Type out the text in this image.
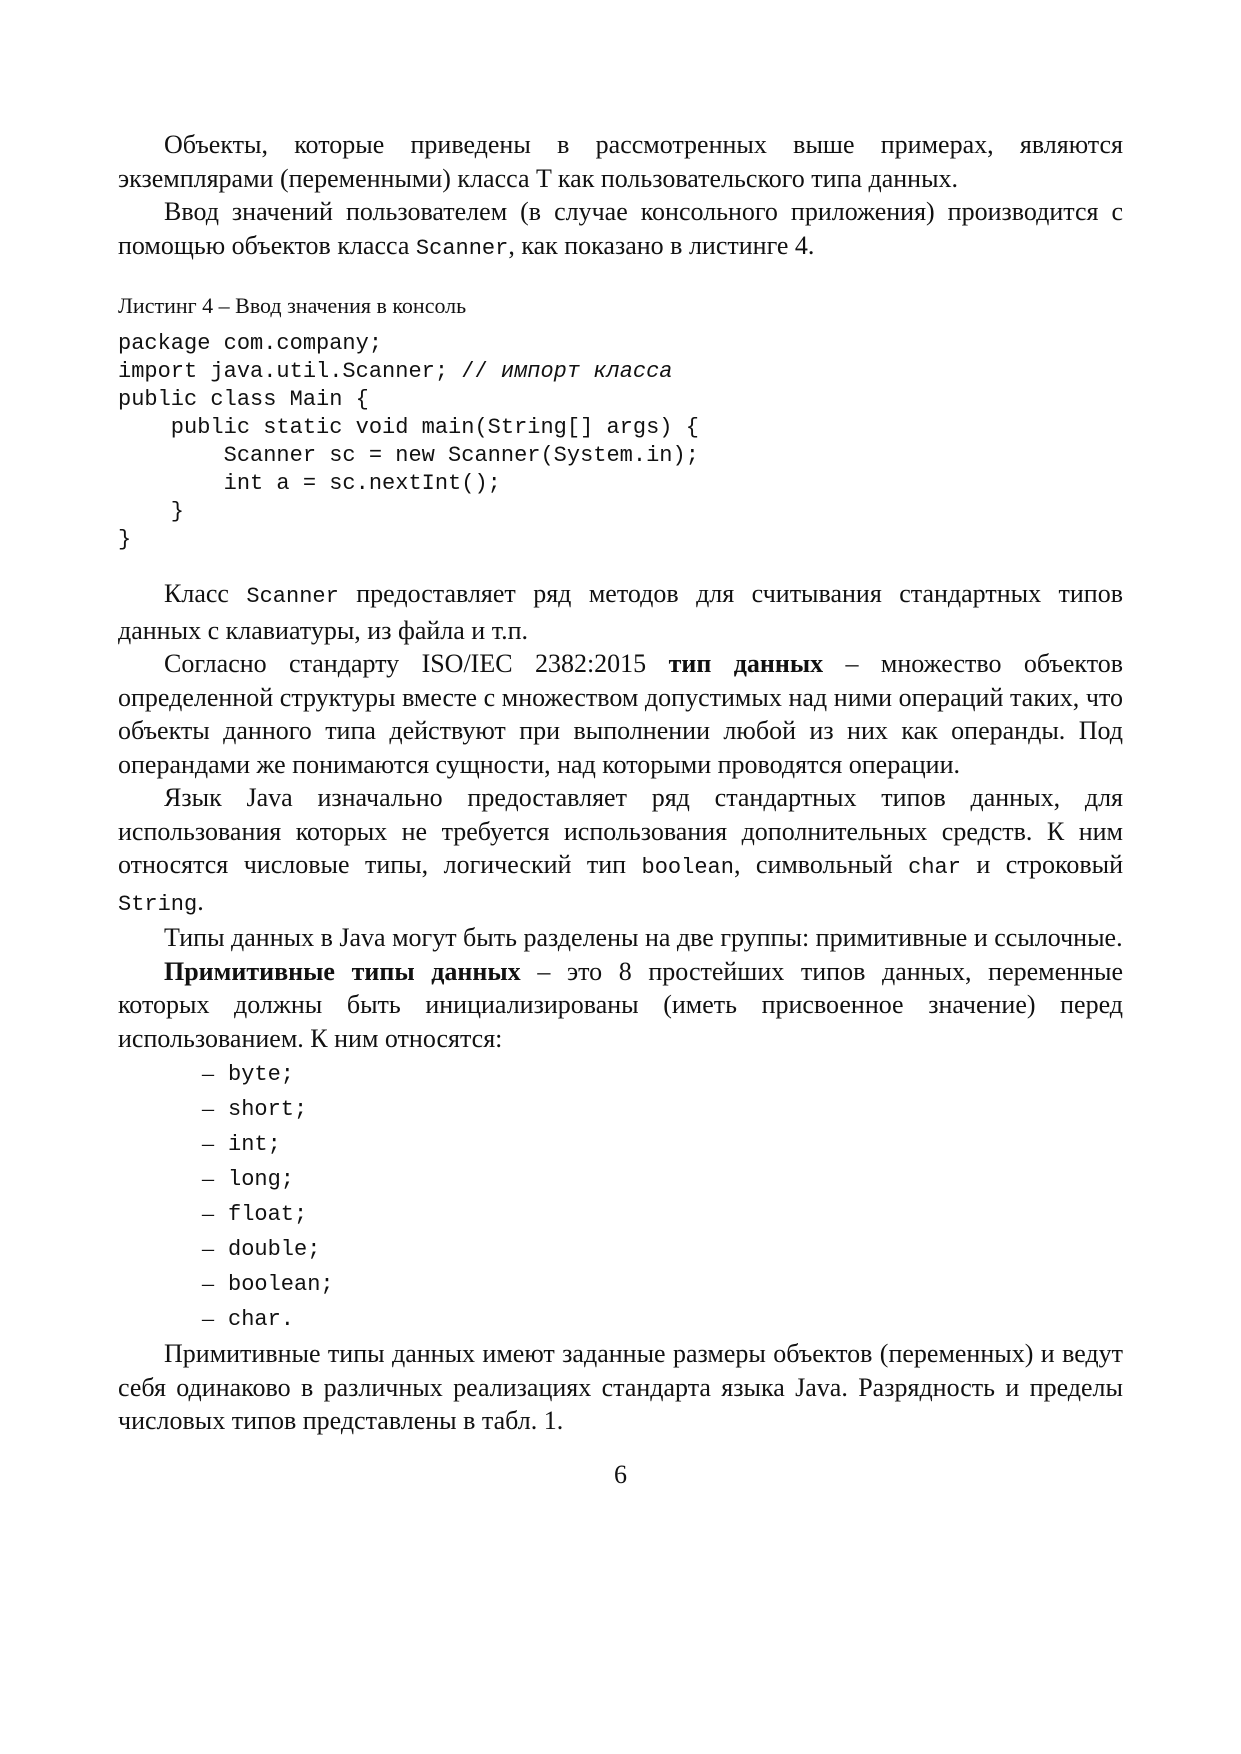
Объекты, которые приведены в рассмотренных выше примерах, являются экземплярами (переменными) класса T как пользовательского типа данных.

Ввод значений пользователем (в случае консольного приложения) производится с помощью объектов класса Scanner, как показано в листинге 4.

Листинг 4 – Ввод значения в консоль

package com.company;
import java.util.Scanner; // импорт класса
public class Main {
public static void main(String[] args) {
Scanner sc = new Scanner(System.in);
int a = sc.nextInt();
}
}

Класс Scanner предоставляет ряд методов для считывания стандартных типов данных с клавиатуры, из файла и т.п.

Согласно стандарту ISO/IEC 2382:2015 тип данных – множество объектов определенной структуры вместе с множеством допустимых над ними операций таких, что объекты данного типа действуют при выполнении любой из них как операнды. Под операндами же понимаются сущности, над которыми проводятся операции.

Язык Java изначально предоставляет ряд стандартных типов данных, для использования которых не требуется использования дополнительных средств. К ним относятся числовые типы, логический тип boolean, символьный char и строковый String.

Типы данных в Java могут быть разделены на две группы: примитивные и ссылочные.

Примитивные типы данных – это 8 простейших типов данных, переменные которых должны быть инициализированы (иметь присвоенное значение) перед использованием. К ним относятся:

– byte;
– short;
– int;
– long;
– float;
– double;
– boolean;
– char.

Примитивные типы данных имеют заданные размеры объектов (переменных) и ведут себя одинаково в различных реализациях стандарта языка Java. Разрядность и пределы числовых типов представлены в табл. 1.

6
